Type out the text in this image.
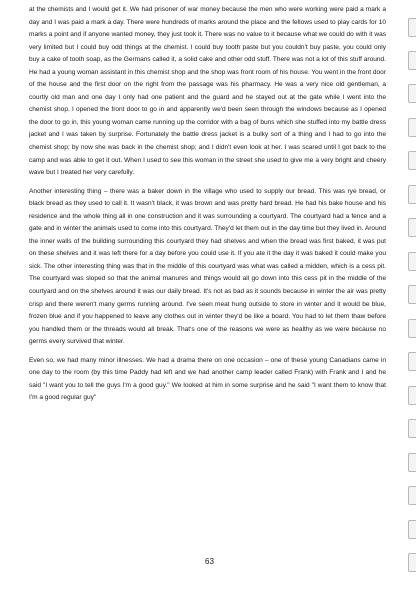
at the chemists and I would get it. We had prisoner of war money because the men who were working were paid a mark a day and I was paid a mark a day. There were hundreds of marks around the place and the fellows used to play cards for 10 marks a point and if anyone wanted money, they just took it. There was no value to it because what we could do with it was very limited but I could buy odd things at the chemist. I could buy tooth paste but you couldn't buy paste, you could only buy a cake of tooth soap, as the Germans called it, a solid cake and other odd stuff. There was not a lot of this stuff around. He had a young woman assistant in this chemist shop and the shop was front room of his house. You went in the front door of the house and the first door on the right from the passage was his pharmacy. He was a very nice old gentleman, a courtly old man and one day I only had one patient and the guard and he stayed out at the gate while I went into the chemist shop. I opened the front door to go in and apparently we'd been seen through the windows because as I opened the door to go in, this young woman came running up the corridor with a bag of buns which she stuffed into my battle dress jacket and I was taken by surprise. Fortunately the battle dress jacket is a bulky sort of a thing and I had to go into the chemist shop; by now she was back in the chemist shop; and I didn't even look at her. I was scared until I got back to the camp and was able to get it out. When I used to see this woman in the street she used to give me a very bright and cheery wave but I treated her very carefully.

Another interesting thing – there was a baker down in the village who used to supply our bread. This was rye bread, or black bread as they used to call it. It wasn't black, it was brown and was pretty hard bread. He had his bake house and his residence and the whole thing all in one construction and it was surrounding a courtyard. The courtyard had a fence and a gate and in winter the animals used to come into this courtyard. They'd let them out in the day time but they lived in. Around the inner walls of the building surrounding this courtyard they had shelves and when the bread was first baked, it was put on these shelves and it was left there for a day before you could use it. If you ate it the day it was baked it could make you sick. The other interesting thing was that in the middle of this courtyard was what was called a midden, which is a cess pit. The courtyard was sloped so that the animal manures and things would all go down into this cess pit in the middle of the courtyard and on the shelves around it was our daily bread. It's not as bad as it sounds because in winter the air was pretty crisp and there weren't many germs running around. I've seen meat hung outside to store in winter and it would be blue, frozen blue and if you happened to leave any clothes out in winter they'd be like a board. You had to let them thaw before you handled them or the threads would all break. That's one of the reasons we were as healthy as we were because no germs every survived that winter.

Even so, we had many minor illnesses. We had a drama there on one occasion – one of these young Canadians came in one day to the room (by this time Paddy had left and we had another camp leader called Frank) with Frank and I and he said "I want you to tell the guys I'm a good guy." We looked at him in some surprise and he said "I want them to know that I'm a good regular guy"

63
